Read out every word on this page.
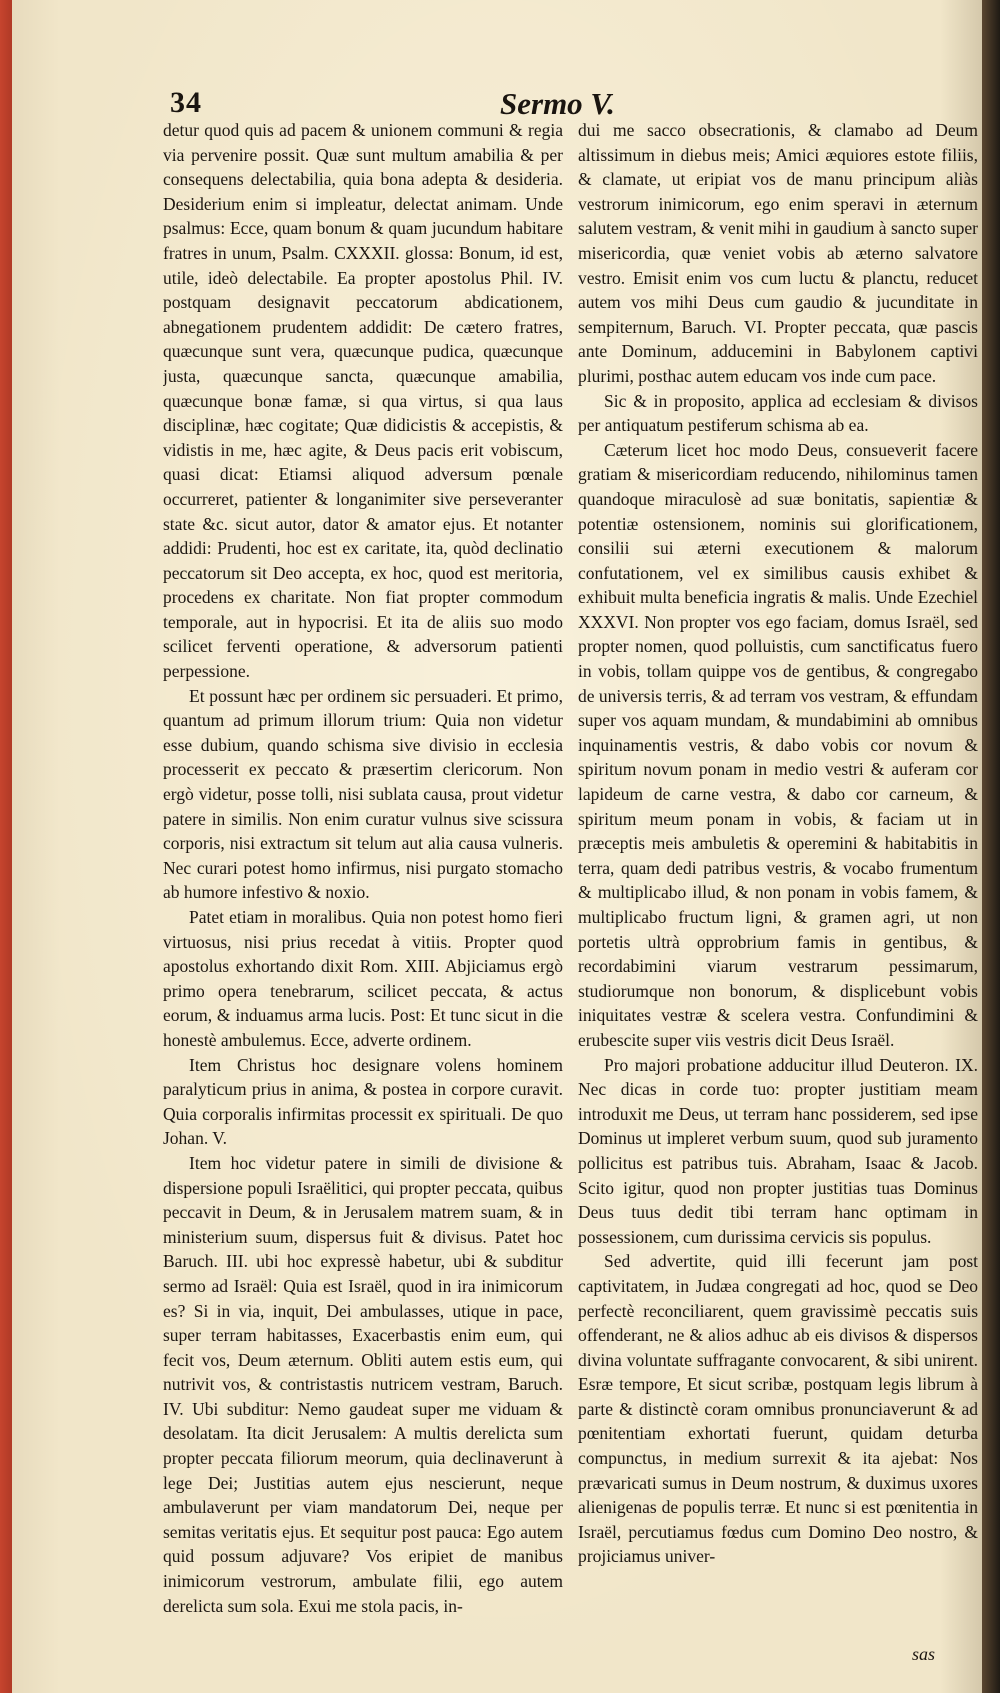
34	Sermo V.

detur quod quis ad pacem & unionem communi & regia via pervenire possit. Quæ sunt multum amabilia & per consequens delectabilia, quia bona adepta & desideria. Desiderium enim si impleatur, delectat animam. Unde psalmus: Ecce, quam bonum & quam jucundum habitare fratres in unum, Psalm. CXXXII. glossa: Bonum, id est, utile, ideò delectabile. Ea propter apostolus Phil. IV. postquam designavit peccatorum abdicationem, abnegationem prudentem addidit: De cætero fratres, quæcunque sunt vera, quæcunque pudica, quæcunque justa, quæcunque sancta, quæcunque amabilia, quæcunque bonæ famæ, si qua virtus, si qua laus disciplinæ, hæc cogitate; Quæ didicistis & accepistis, & vidistis in me, hæc agite, & Deus pacis erit vobiscum, quasi dicat: Etiamsi aliquod adversum pœnale occurreret, patienter & longanimiter sive perseveranter state &c. sicut autor, dator & amator ejus. Et notanter addidi: Prudenti, hoc est ex caritate, ita, quòd declinatio peccatorum sit Deo accepta, ex hoc, quod est meritoria, procedens ex charitate. Non fiat propter commodum temporale, aut in hypocrisi. Et ita de aliis suo modo scilicet ferventi operatione, & adversorum patienti perpessione.

Et possunt hæc per ordinem sic persuaderi. Et primo, quantum ad primum illorum trium: Quia non videtur esse dubium, quando schisma sive divisio in ecclesia processerit ex peccato & præsertim clericorum. Non ergò videtur, posse tolli, nisi sublata causa, prout videtur patere in similis. Non enim curatur vulnus sive scissura corporis, nisi extractum sit telum aut alia causa vulneris. Nec curari potest homo infirmus, nisi purgato stomacho ab humore infestivo & noxio.

Patet etiam in moralibus. Quia non potest homo fieri virtuosus, nisi prius recedat à vitiis. Propter quod apostolus exhortando dixit Rom. XIII. Abjiciamus ergò primo opera tenebrarum, scilicet peccata, & actus eorum, & induamus arma lucis. Post: Et tunc sicut in die honestè ambulemus. Ecce, adverte ordinem.

Item Christus hoc designare volens hominem paralyticum prius in anima, & postea in corpore curavit. Quia corporalis infirmitas processit ex spirituali. De quo Johan. V.

Item hoc videtur patere in simili de divisione & dispersione populi Israëlitici, qui propter peccata, quibus peccavit in Deum, & in Jerusalem matrem suam, & in ministerium suum, dispersus fuit & divisus. Patet hoc Baruch. III. ubi hoc expressè habetur, ubi & subditur sermo ad Israël: Quia est Israël, quod in ira inimicorum es? Si in via, inquit, Dei ambulasses, utique in pace, super terram habitasses, Exacerbastis enim eum, qui fecit vos, Deum æternum. Obliti autem estis eum, qui nutrivit vos, & contristastis nutricem vestram, Baruch. IV. Ubi subditur: Nemo gaudeat super me viduam & desolatam. Ita dicit Jerusalem: A multis derelicta sum propter peccata filiorum meorum, quia declinaverunt à lege Dei; Justitias autem ejus nescierunt, neque ambulaverunt per viam mandatorum Dei, neque per semitas veritatis ejus. Et sequitur post pauca: Ego autem quid possum adjuvare? Vos eripiet de manibus inimicorum vestrorum, ambulate filii, ego autem derelicta sum sola. Exui me stola pacis, in-

dui me sacco obsecrationis, & clamabo ad Deum altissimum in diebus meis; Amici æquiores estote filiis, & clamate, ut eripiat vos de manu principum aliàs vestrorum inimicorum, ego enim speravi in æternum salutem vestram, & venit mihi in gaudium à sancto super misericordia, quæ veniet vobis ab æterno salvatore vestro. Emisit enim vos cum luctu & planctu, reducet autem vos mihi Deus cum gaudio & jucunditate in sempiternum, Baruch. VI. Propter peccata, quæ pascis ante Dominum, adducemini in Babylonem captivi plurimi, posthac autem educam vos inde cum pace.

Sic & in proposito, applica ad ecclesiam & divisos per antiquatum pestiferum schisma ab ea.

Cæterum licet hoc modo Deus, consueverit facere gratiam & misericordiam reducendo, nihilominus tamen quandoque miraculosè ad suæ bonitatis, sapientiæ & potentiæ ostensionem, nominis sui glorificationem, consilii sui æterni executionem & malorum confutationem, vel ex similibus causis exhibet & exhibuit multa beneficia ingratis & malis. Unde Ezechiel XXXVI. Non propter vos ego faciam, domus Israël, sed propter nomen, quod polluistis, cum sanctificatus fuero in vobis, tollam quippe vos de gentibus, & congregabo de universis terris, & ad terram vos vestram, & effundam super vos aquam mundam, & mundabimini ab omnibus inquinamentis vestris, & dabo vobis cor novum & spiritum novum ponam in medio vestri & auferam cor lapideum de carne vestra, & dabo cor carneum, & spiritum meum ponam in vobis, & faciam ut in præceptis meis ambuletis & operemini & habitabitis in terra, quam dedi patribus vestris, & vocabo frumentum & multiplicabo illud, & non ponam in vobis famem, & multiplicabo fructum ligni, & gramen agri, ut non portetis ultrà opprobrium famis in gentibus, & recordabimini viarum vestrarum pessimarum, studiorumque non bonorum, & displicebunt vobis iniquitates vestræ & scelera vestra. Confundimini & erubescite super viis vestris dicit Deus Israël.

Pro majori probatione adducitur illud Deuteron. IX. Nec dicas in corde tuo: propter justitiam meam introduxit me Deus, ut terram hanc possiderem, sed ipse Dominus ut impleret verbum suum, quod sub juramento pollicitus est patribus tuis. Abraham, Isaac & Jacob. Scito igitur, quod non propter justitias tuas Dominus Deus tuus dedit tibi terram hanc optimam in possessionem, cum durissima cervicis sis populus.

Sed advertite, quid illi fecerunt jam post captivitatem, in Judæa congregati ad hoc, quod se Deo perfectè reconciliarent, quem gravissimè peccatis suis offenderant, ne & alios adhuc ab eis divisos & dispersos divina voluntate suffragante convocarent, & sibi unirent. Esræ tempore, Et sicut scribæ, postquam legis librum à parte & distinctè coram omnibus pronunciaverunt & ad pœnitentiam exhortati fuerunt, quidam deturba compunctus, in medium surrexit & ita ajebat: Nos prævaricati sumus in Deum nostrum, & duximus uxores alienigenas de populis terræ. Et nunc si est pœnitentia in Israël, percutiamus fœdus cum Domino Deo nostro, & projiciamus univer-

sas
